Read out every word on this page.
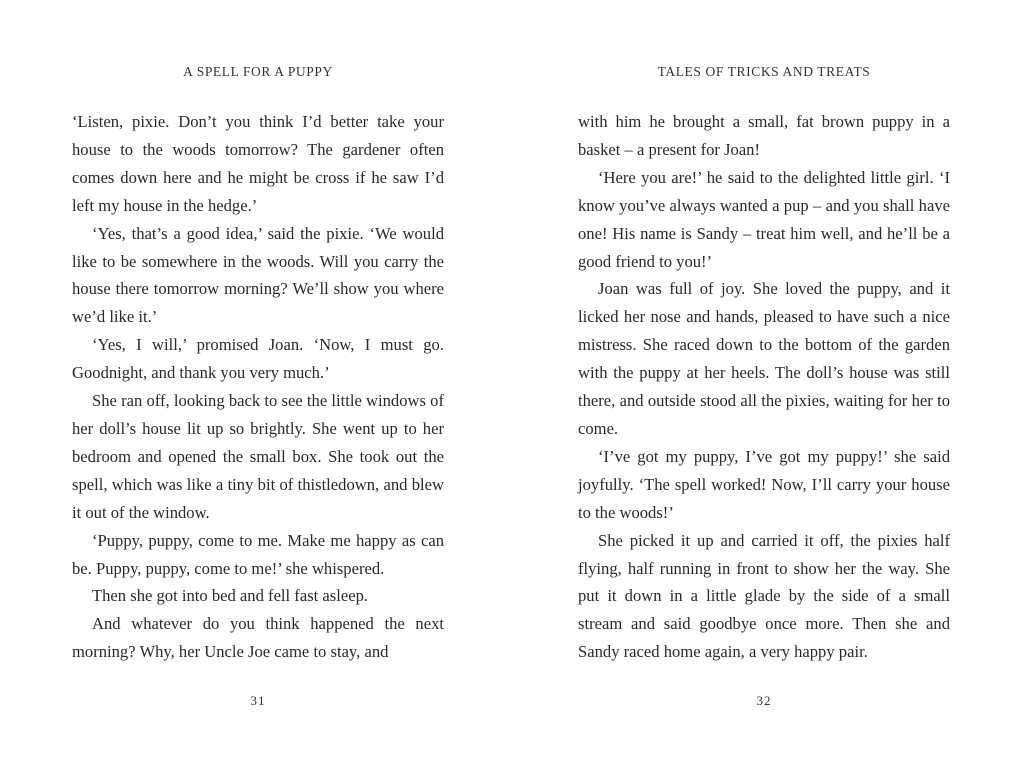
A SPELL FOR A PUPPY

‘Listen, pixie. Don’t you think I’d better take your house to the woods tomorrow? The gardener often comes down here and he might be cross if he saw I’d left my house in the hedge.’

‘Yes, that’s a good idea,’ said the pixie. ‘We would like to be somewhere in the woods. Will you carry the house there tomorrow morning? We’ll show you where we’d like it.’

‘Yes, I will,’ promised Joan. ‘Now, I must go. Goodnight, and thank you very much.’

She ran off, looking back to see the little windows of her doll’s house lit up so brightly. She went up to her bedroom and opened the small box. She took out the spell, which was like a tiny bit of thistledown, and blew it out of the window.

‘Puppy, puppy, come to me. Make me happy as can be. Puppy, puppy, come to me!’ she whispered.

Then she got into bed and fell fast asleep.

And whatever do you think happened the next morning? Why, her Uncle Joe came to stay, and

31
TALES OF TRICKS AND TREATS

with him he brought a small, fat brown puppy in a basket – a present for Joan!

‘Here you are!’ he said to the delighted little girl. ‘I know you’ve always wanted a pup – and you shall have one! His name is Sandy – treat him well, and he’ll be a good friend to you!’

Joan was full of joy. She loved the puppy, and it licked her nose and hands, pleased to have such a nice mistress. She raced down to the bottom of the garden with the puppy at her heels. The doll’s house was still there, and outside stood all the pixies, waiting for her to come.

‘I’ve got my puppy, I’ve got my puppy!’ she said joyfully. ‘The spell worked! Now, I’ll carry your house to the woods!’

She picked it up and carried it off, the pixies half flying, half running in front to show her the way. She put it down in a little glade by the side of a small stream and said goodbye once more. Then she and Sandy raced home again, a very happy pair.

32
